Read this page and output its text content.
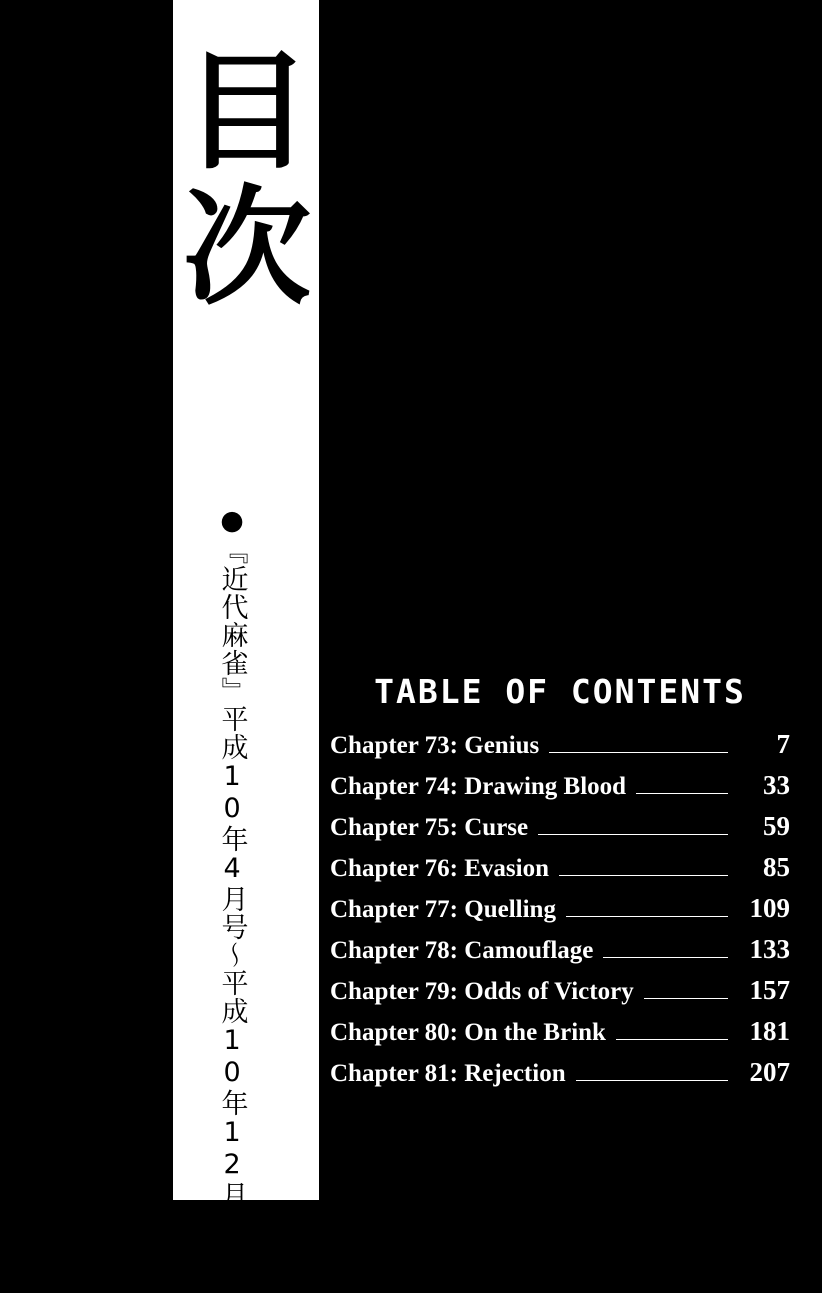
目
次
●『近代麻雀』平成10年4月号〜平成10年12月号所載	TABLE OF CONTENTS
Chapter 73: Genius	7
Chapter 74: Drawing Blood	33
Chapter 75: Curse	59
Chapter 76: Evasion	85
Chapter 77: Quelling	109
Chapter 78: Camouflage	133
Chapter 79: Odds of Victory	157
Chapter 80: On the Brink	181
Chapter 81: Rejection	207
